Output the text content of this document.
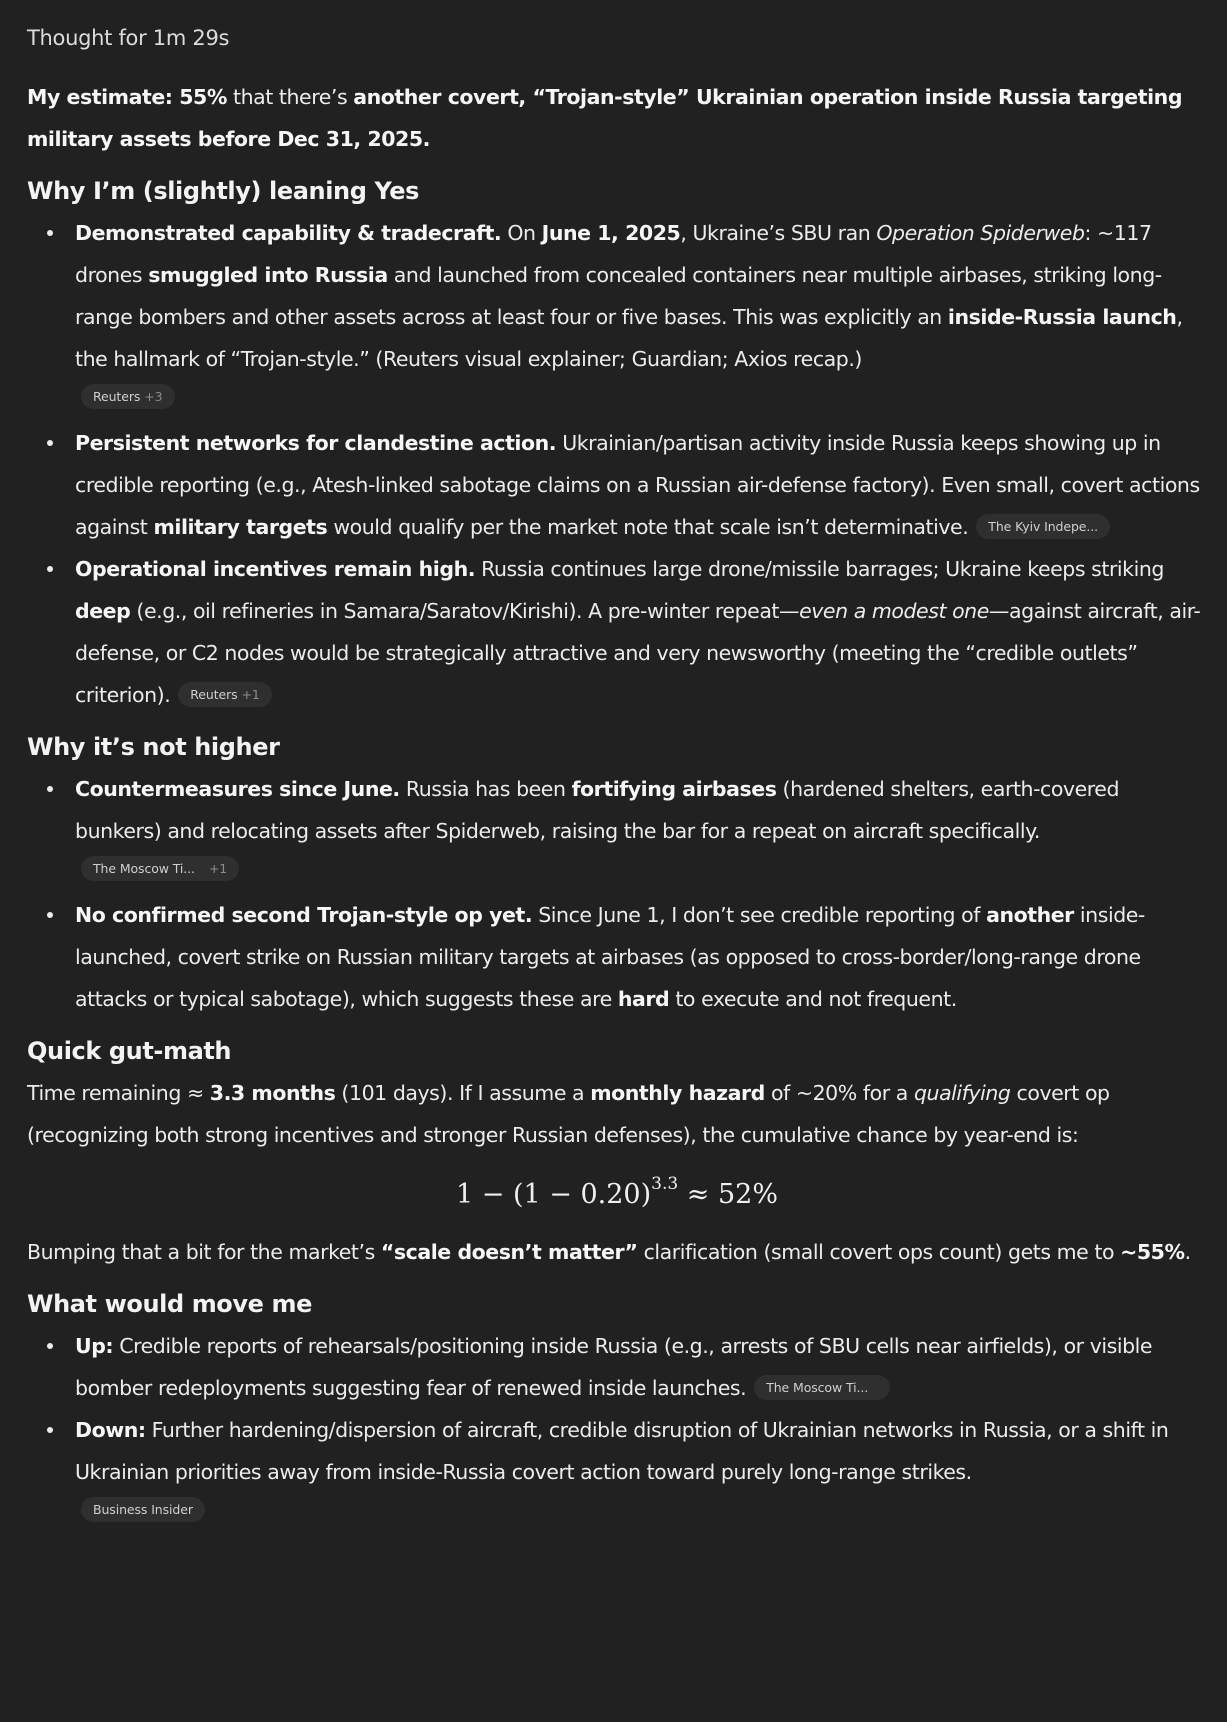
Thought for 1m 29s

My estimate: 55% that there’s another covert, “Trojan-style” Ukrainian operation inside Russia targeting military assets before Dec 31, 2025.

Why I’m (slightly) leaning Yes
Demonstrated capability & tradecraft. On June 1, 2025, Ukraine’s SBU ran Operation Spiderweb: ~117 drones smuggled into Russia and launched from concealed containers near multiple airbases, striking long-range bombers and other assets across at least four or five bases. This was explicitly an inside-Russia launch, the hallmark of “Trojan-style.” (Reuters visual explainer; Guardian; Axios recap.)
Reuters +3
Persistent networks for clandestine action. Ukrainian/partisan activity inside Russia keeps showing up in credible reporting (e.g., Atesh-linked sabotage claims on a Russian air-defense factory). Even small, covert actions against military targets would qualify per the market note that scale isn’t determinative. The Kyiv Indepe...
Operational incentives remain high. Russia continues large drone/missile barrages; Ukraine keeps striking deep (e.g., oil refineries in Samara/Saratov/Kirishi). A pre-winter repeat—even a modest one—against aircraft, air-defense, or C2 nodes would be strategically attractive and very newsworthy (meeting the “credible outlets” criterion). Reuters +1
Why it’s not higher
Countermeasures since June. Russia has been fortifying airbases (hardened shelters, earth-covered bunkers) and relocating assets after Spiderweb, raising the bar for a repeat on aircraft specifically.
The Moscow Ti... +1
No confirmed second Trojan-style op yet. Since June 1, I don’t see credible reporting of another inside-launched, covert strike on Russian military targets at airbases (as opposed to cross-border/long-range drone attacks or typical sabotage), which suggests these are hard to execute and not frequent.
Quick gut-math

Time remaining ≈ 3.3 months (101 days). If I assume a monthly hazard of ~20% for a qualifying covert op (recognizing both strong incentives and stronger Russian defenses), the cumulative chance by year-end is:

$1 - (1 - 0.20)^{3.3} \approx 52\%$

Bumping that a bit for the market’s “scale doesn’t matter” clarification (small covert ops count) gets me to ~55%.

What would move me
Up: Credible reports of rehearsals/positioning inside Russia (e.g., arrests of SBU cells near airfields), or visible bomber redeployments suggesting fear of renewed inside launches. The Moscow Ti...
Down: Further hardening/dispersion of aircraft, credible disruption of Ukrainian networks in Russia, or a shift in Ukrainian priorities away from inside-Russia covert action toward purely long-range strikes.
Business Insider
